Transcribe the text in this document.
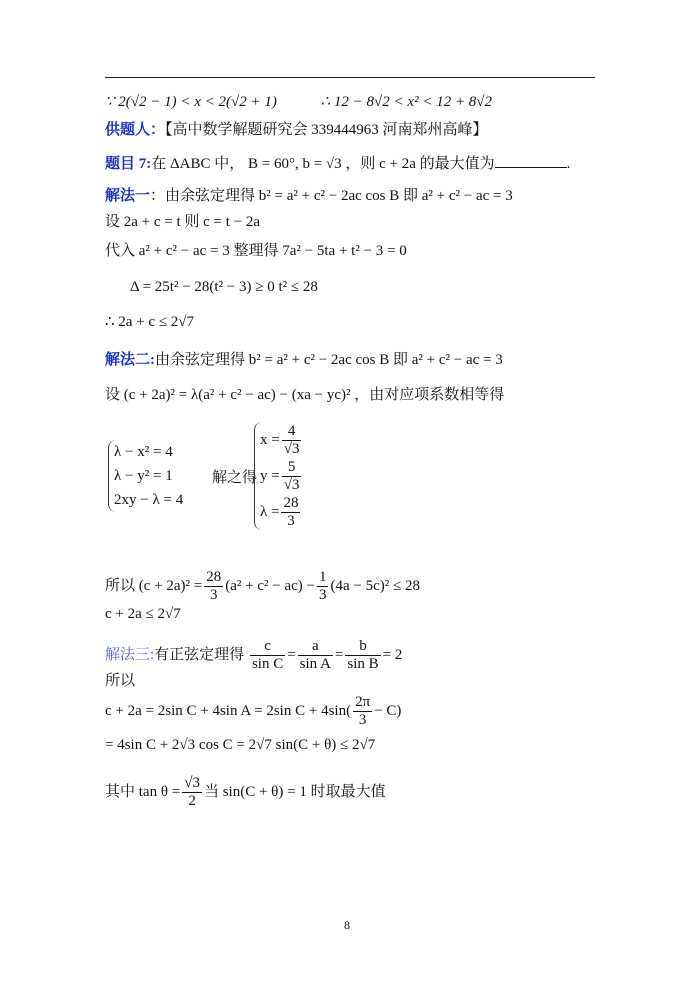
∵ 2(√2 − 1) < x < 2(√2 + 1)	∴ 12 − 8√2 < x² < 12 + 8√2
供题人：【高中数学解题研究会 339444963 河南郑州高峰】
题目 7:在 ΔABC 中， B = 60°, b = √3 ，则 c + 2a 的最大值为	.
解法一：由余弦定理得 b² = a² + c² − 2ac cos B 即 a² + c² − ac = 3
设 2a + c = t 则 c = t − 2a
代入 a² + c² − ac = 3 整理得 7a² − 5ta + t² − 3 = 0
Δ = 25t² − 28(t² − 3) ≥ 0 t² ≤ 28
∴ 2a + c ≤ 2√7
解法二:由余弦定理得 b² = a² + c² − 2ac cos B 即 a² + c² − ac = 3
设 (c + 2a)² = λ(a² + c² − ac) − (xa − yc)² ，由对应项系数相等得
λ − x² = 4
λ − y² = 1
2xy − λ = 4
解之得
$x = \frac{4}{√3}$
$y = \frac{5}{√3}$
$\lambda = \frac{28}{3}$
所以 $(c + 2a)^2 = \frac{28}{3} (a^2 + c^2 - ac) - \frac{1}{3} (4a - 5c)^2 \le 28$
c + 2a ≤ 2√7
解法三:有正弦定理得 $\frac{c}{\text{sin C}} = \frac{a}{\text{sin A}} = \frac{b}{\text{sin B}} = 2$
所以
c + 2a = 2sin C + 4sin A = 2sin $C + 4\sin( \frac{2\pi}{3} - C)$
= 4sin C + 2√3 cos C = 2√7 sin(C + θ) ≤ 2√7
其中 $\tan \theta = \frac{√3}{2}$ 当 sin(C + θ) = 1 时取最大值
8
